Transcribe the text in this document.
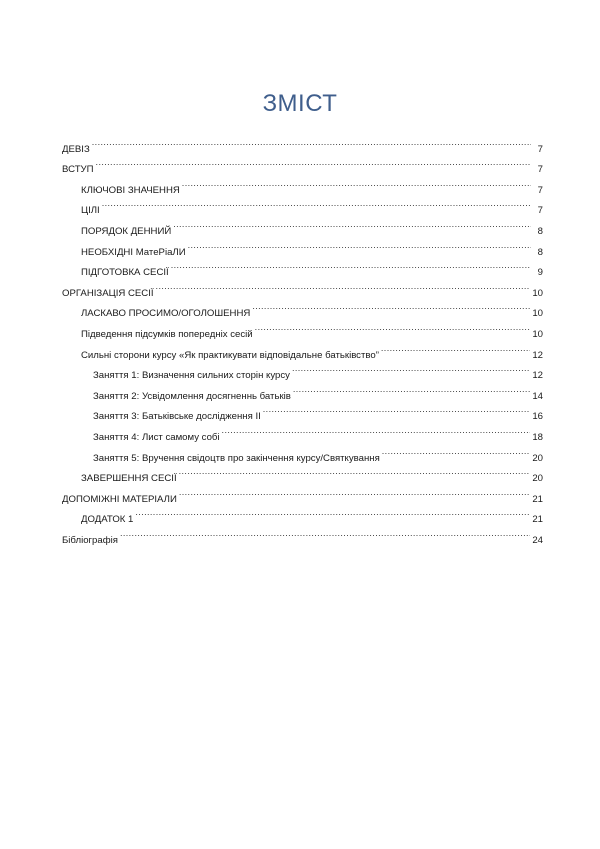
ЗМІСТ
ДЕВІЗ .....	7
ВСТУП .....	7
КЛЮЧОВІ ЗНАЧЕННЯ .....	7
ЦІЛІ .....	7
ПОРЯДОК ДЕННИЙ .....	8
НЕОБХІДНІ МатеРіаЛИ .....	8
ПІДГОТОВКА СЕСІЇ .....	9
ОРГАНІЗАЦІЯ СЕСІЇ .....	10
ЛАСКАВО ПРОСИМО/ОГОЛОШЕННЯ .....	10
Підведення підсумків попередніх сесій .....	10
Сильні сторони курсу «Як практикувати відповідальне батьківство” .....	12
Заняття 1: Визначення сильних сторін курсу .....	12
Заняття 2: Усвідомлення досягненнь батьків .....	14
Заняття 3: Батьківське дослідження II .....	16
Заняття 4: Лист самому собі .....	18
Заняття 5: Вручення свідоцтв про закінчення курсу/Святкування .....	20
ЗАВЕРШЕННЯ СЕСІЇ .....	20
ДОПОМІЖНІ МАТЕРІАЛИ .....	21
ДОДАТОК 1 .....	21
Бібліографія .....	24
